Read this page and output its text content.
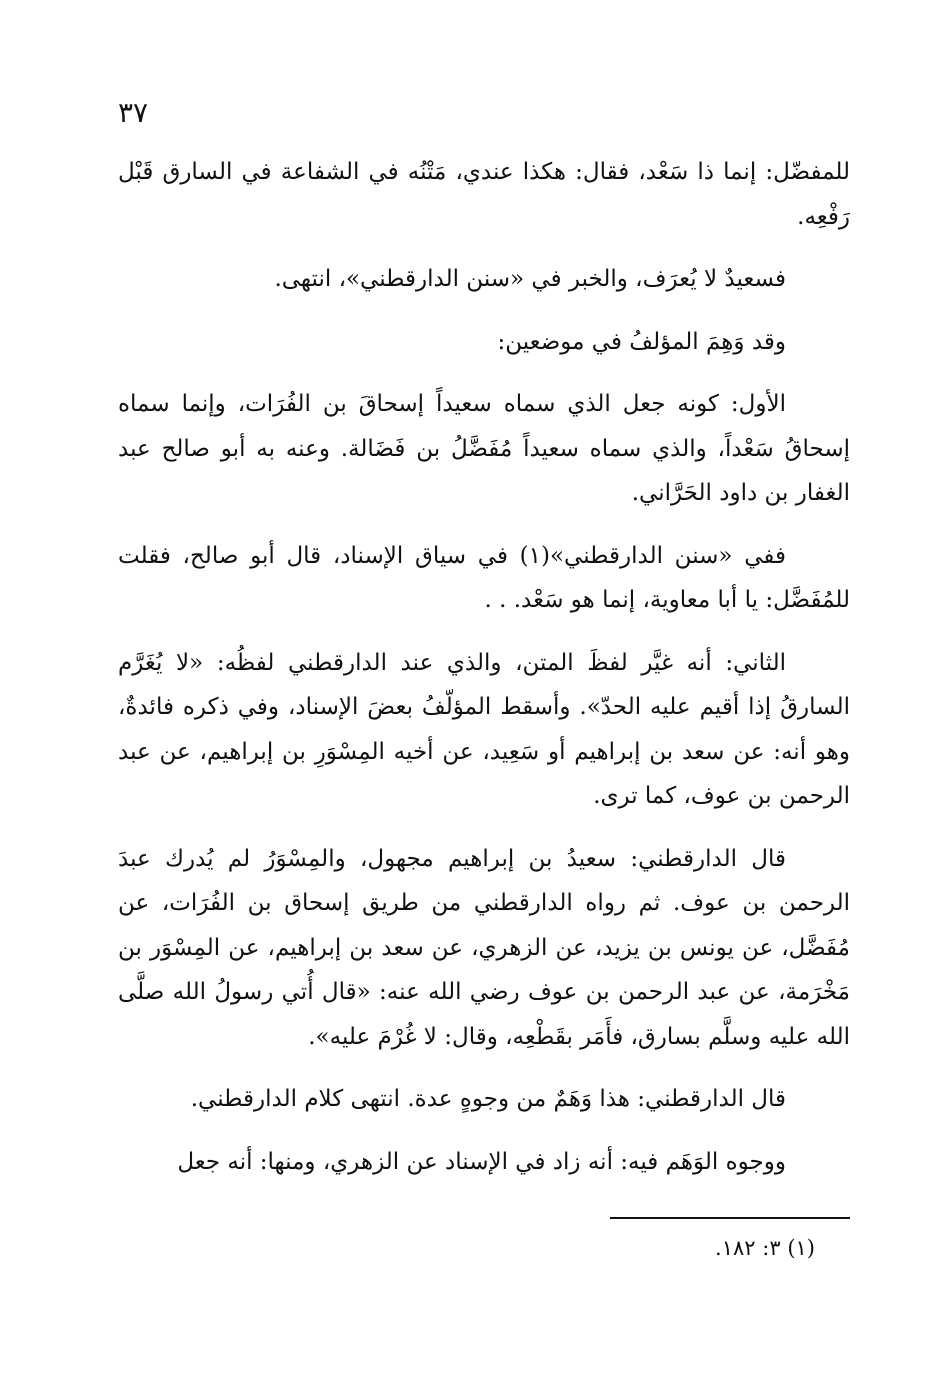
٣٧

للمفضّل: إنما ذا سَعْد، فقال: هكذا عندي، مَتْنُه في الشفاعة في السارق قَبْل رَفْعِه.

فسعيدٌ لا يُعرَف، والخبر في «سنن الدارقطني»، انتهى.

وقد وَهِمَ المؤلفُ في موضعين:

الأول: كونه جعل الذي سماه سعيداً إسحاقَ بن الفُرَات، وإنما سماه إسحاقُ سَعْداً، والذي سماه سعيداً مُفَضَّلُ بن فَضَالة. وعنه به أبو صالح عبد الغفار بن داود الحَرَّاني.

ففي «سنن الدارقطني»(١) في سياق الإسناد، قال أبو صالح، فقلت للمُفَضَّل: يا أبا معاوية، إنما هو سَعْد. . .

الثاني: أنه غيَّر لفظَ المتن، والذي عند الدارقطني لفظُه: «لا يُغَرَّم السارقُ إذا أقيم عليه الحدّ». وأسقط المؤلّفُ بعضَ الإسناد، وفي ذكره فائدةٌ، وهو أنه: عن سعد بن إبراهيم أو سَعِيد، عن أخيه المِسْوَرِ بن إبراهيم، عن عبد الرحمن بن عوف، كما ترى.

قال الدارقطني: سعيدُ بن إبراهيم مجهول، والمِسْوَرُ لم يُدرك عبدَ الرحمن بن عوف. ثم رواه الدارقطني من طريق إسحاق بن الفُرَات، عن مُفَضَّل، عن يونس بن يزيد، عن الزهري، عن سعد بن إبراهيم، عن المِسْوَر بن مَخْرَمة، عن عبد الرحمن بن عوف رضي الله عنه: «قال أُتي رسولُ الله صلَّى الله عليه وسلَّم بسارق، فأَمَر بقَطْعِه، وقال: لا غُرْمَ عليه».

قال الدارقطني: هذا وَهَمٌ من وجوهٍ عدة. انتهى كلام الدارقطني.

ووجوه الوَهَم فيه: أنه زاد في الإسناد عن الزهري، ومنها: أنه جعل

(١) ٣: ١٨٢.
